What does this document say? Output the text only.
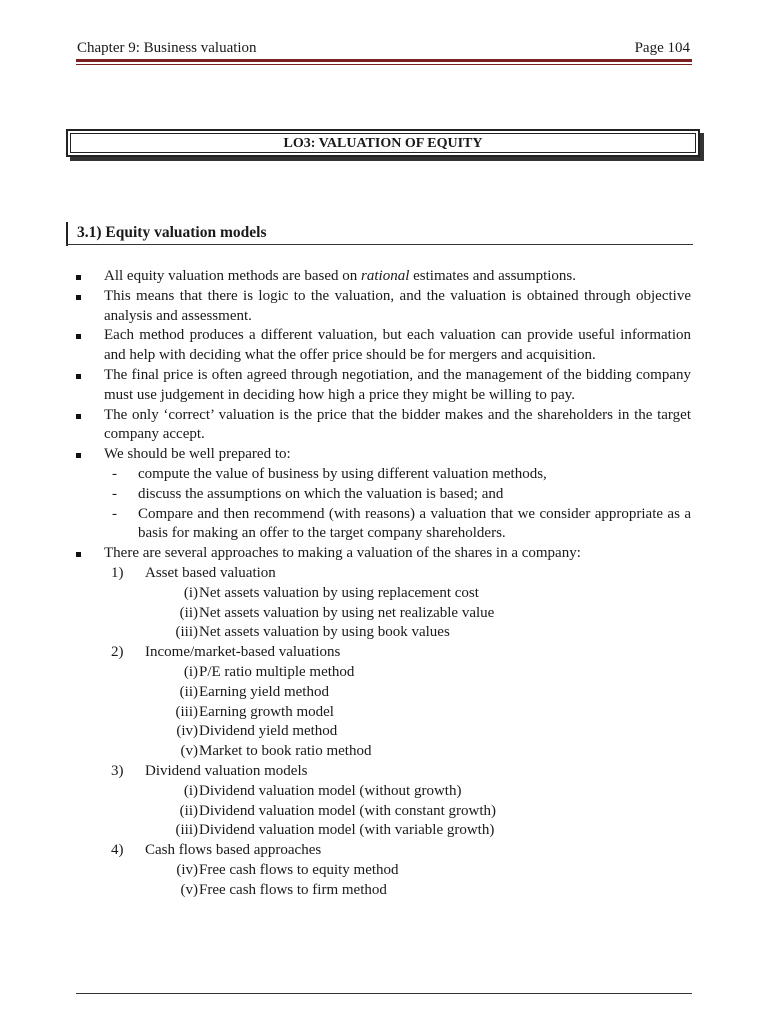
Chapter 9: Business valuation	Page 104
LO3: VALUATION OF EQUITY
3.1) Equity valuation models
All equity valuation methods are based on rational estimates and assumptions.
This means that there is logic to the valuation, and the valuation is obtained through objective analysis and assessment.
Each method produces a different valuation, but each valuation can provide useful information and help with deciding what the offer price should be for mergers and acquisition.
The final price is often agreed through negotiation, and the management of the bidding company must use judgement in deciding how high a price they might be willing to pay.
The only ‘correct’ valuation is the price that the bidder makes and the shareholders in the target company accept.
We should be well prepared to:
- compute the value of business by using different valuation methods,
- discuss the assumptions on which the valuation is based; and
- Compare and then recommend (with reasons) a valuation that we consider appropriate as a basis for making an offer to the target company shareholders.
There are several approaches to making a valuation of the shares in a company:
1) Asset based valuation
(i) Net assets valuation by using replacement cost
(ii) Net assets valuation by using net realizable value
(iii) Net assets valuation by using book values
2) Income/market-based valuations
(i) P/E ratio multiple method
(ii) Earning yield method
(iii) Earning growth model
(iv) Dividend yield method
(v) Market to book ratio method
3) Dividend valuation models
(i) Dividend valuation model (without growth)
(ii) Dividend valuation model (with constant growth)
(iii) Dividend valuation model (with variable growth)
4) Cash flows based approaches
(iv) Free cash flows to equity method
(v) Free cash flows to firm method
